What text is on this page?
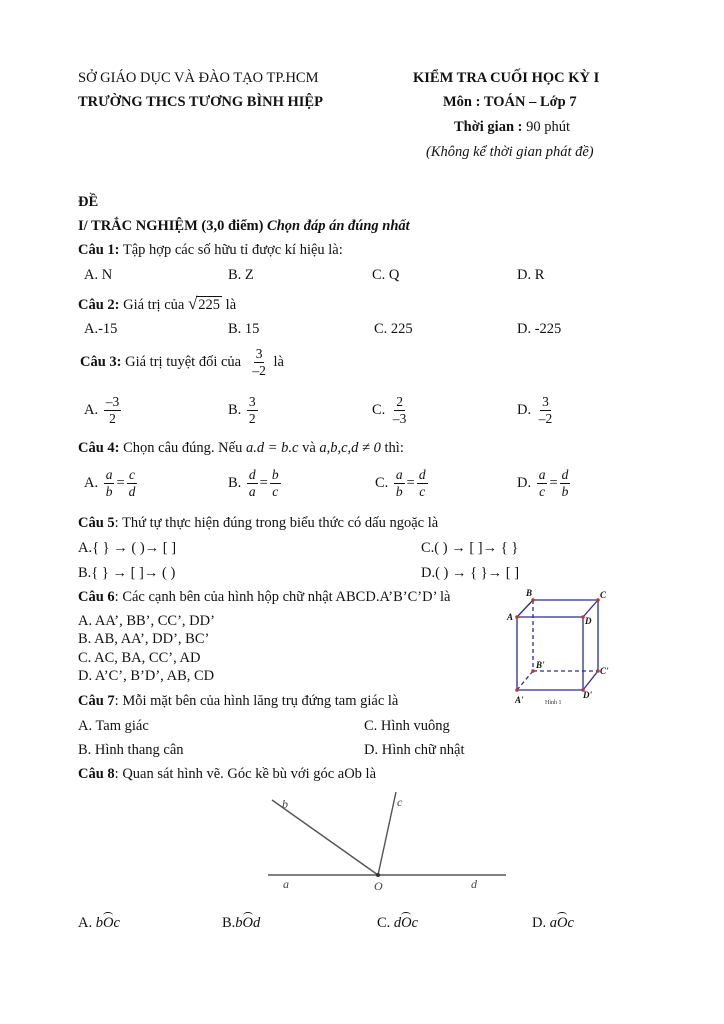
SỞ GIÁO DỤC VÀ ĐÀO TẠO TP.HCM
TRƯỜNG THCS TƯƠNG BÌNH HIỆP
KIỂM TRA CUỐI HỌC KỲ I
Môn : TOÁN – Lớp 7
Thời gian : 90 phút
(Không kể thời gian phát đề)
ĐỀ
I/ TRẮC NGHIỆM (3,0 điểm) Chọn đáp án đúng nhất
Câu 1: Tập hợp các số hữu tỉ được kí hiệu là:
A. N	B. Z	C. Q	D. R
Câu 2: Giá trị của √225 là
A.-15	B. 15	C. 225	D. -225
Câu 3: Giá trị tuyệt đối của $\frac{3}{-2}$ là
A. $\frac{-3}{2}$	B. $\frac{3}{2}$	C. $\frac{2}{-3}$	D. $\frac{3}{-2}$
Câu 4: Chọn câu đúng. Nếu a.d = b.c và a,b,c,d ≠ 0 thì:
A. $\frac{a}{b} = \frac{c}{d}$	B. $\frac{d}{a} = \frac{b}{c}$	C. $\frac{a}{b} = \frac{d}{c}$	D. $\frac{a}{c} = \frac{d}{b}$
Câu 5: Thứ tự thực hiện đúng trong biểu thức có dấu ngoặc là
A.{ } → ( )→ [ ]	C.( ) → [ ]→ { }
B.{ } → [ ]→ ( )	D.( ) → { }→ [ ]
Câu 6: Các cạnh bên của hình hộp chữ nhật ABCD.A’B’C’D’ là
A. AA’, BB’, CC’, DD’
B. AB, AA’, DD’, BC’
C. AC, BA, CC’, AD
D. A’C’, B’D’, AB, CD
B	C
A	D
B'
C'
A'	D'
Hình 1
Câu 7: Mỗi mặt bên của hình lăng trụ đứng tam giác là
A. Tam giác	C. Hình vuông
B. Hình thang cân	D. Hình chữ nhật
Câu 8: Quan sát hình vẽ. Góc kề bù với góc aOb là
b	c
a	d
O
A. bOc	B.bOd	C. dOc	D. aOc
